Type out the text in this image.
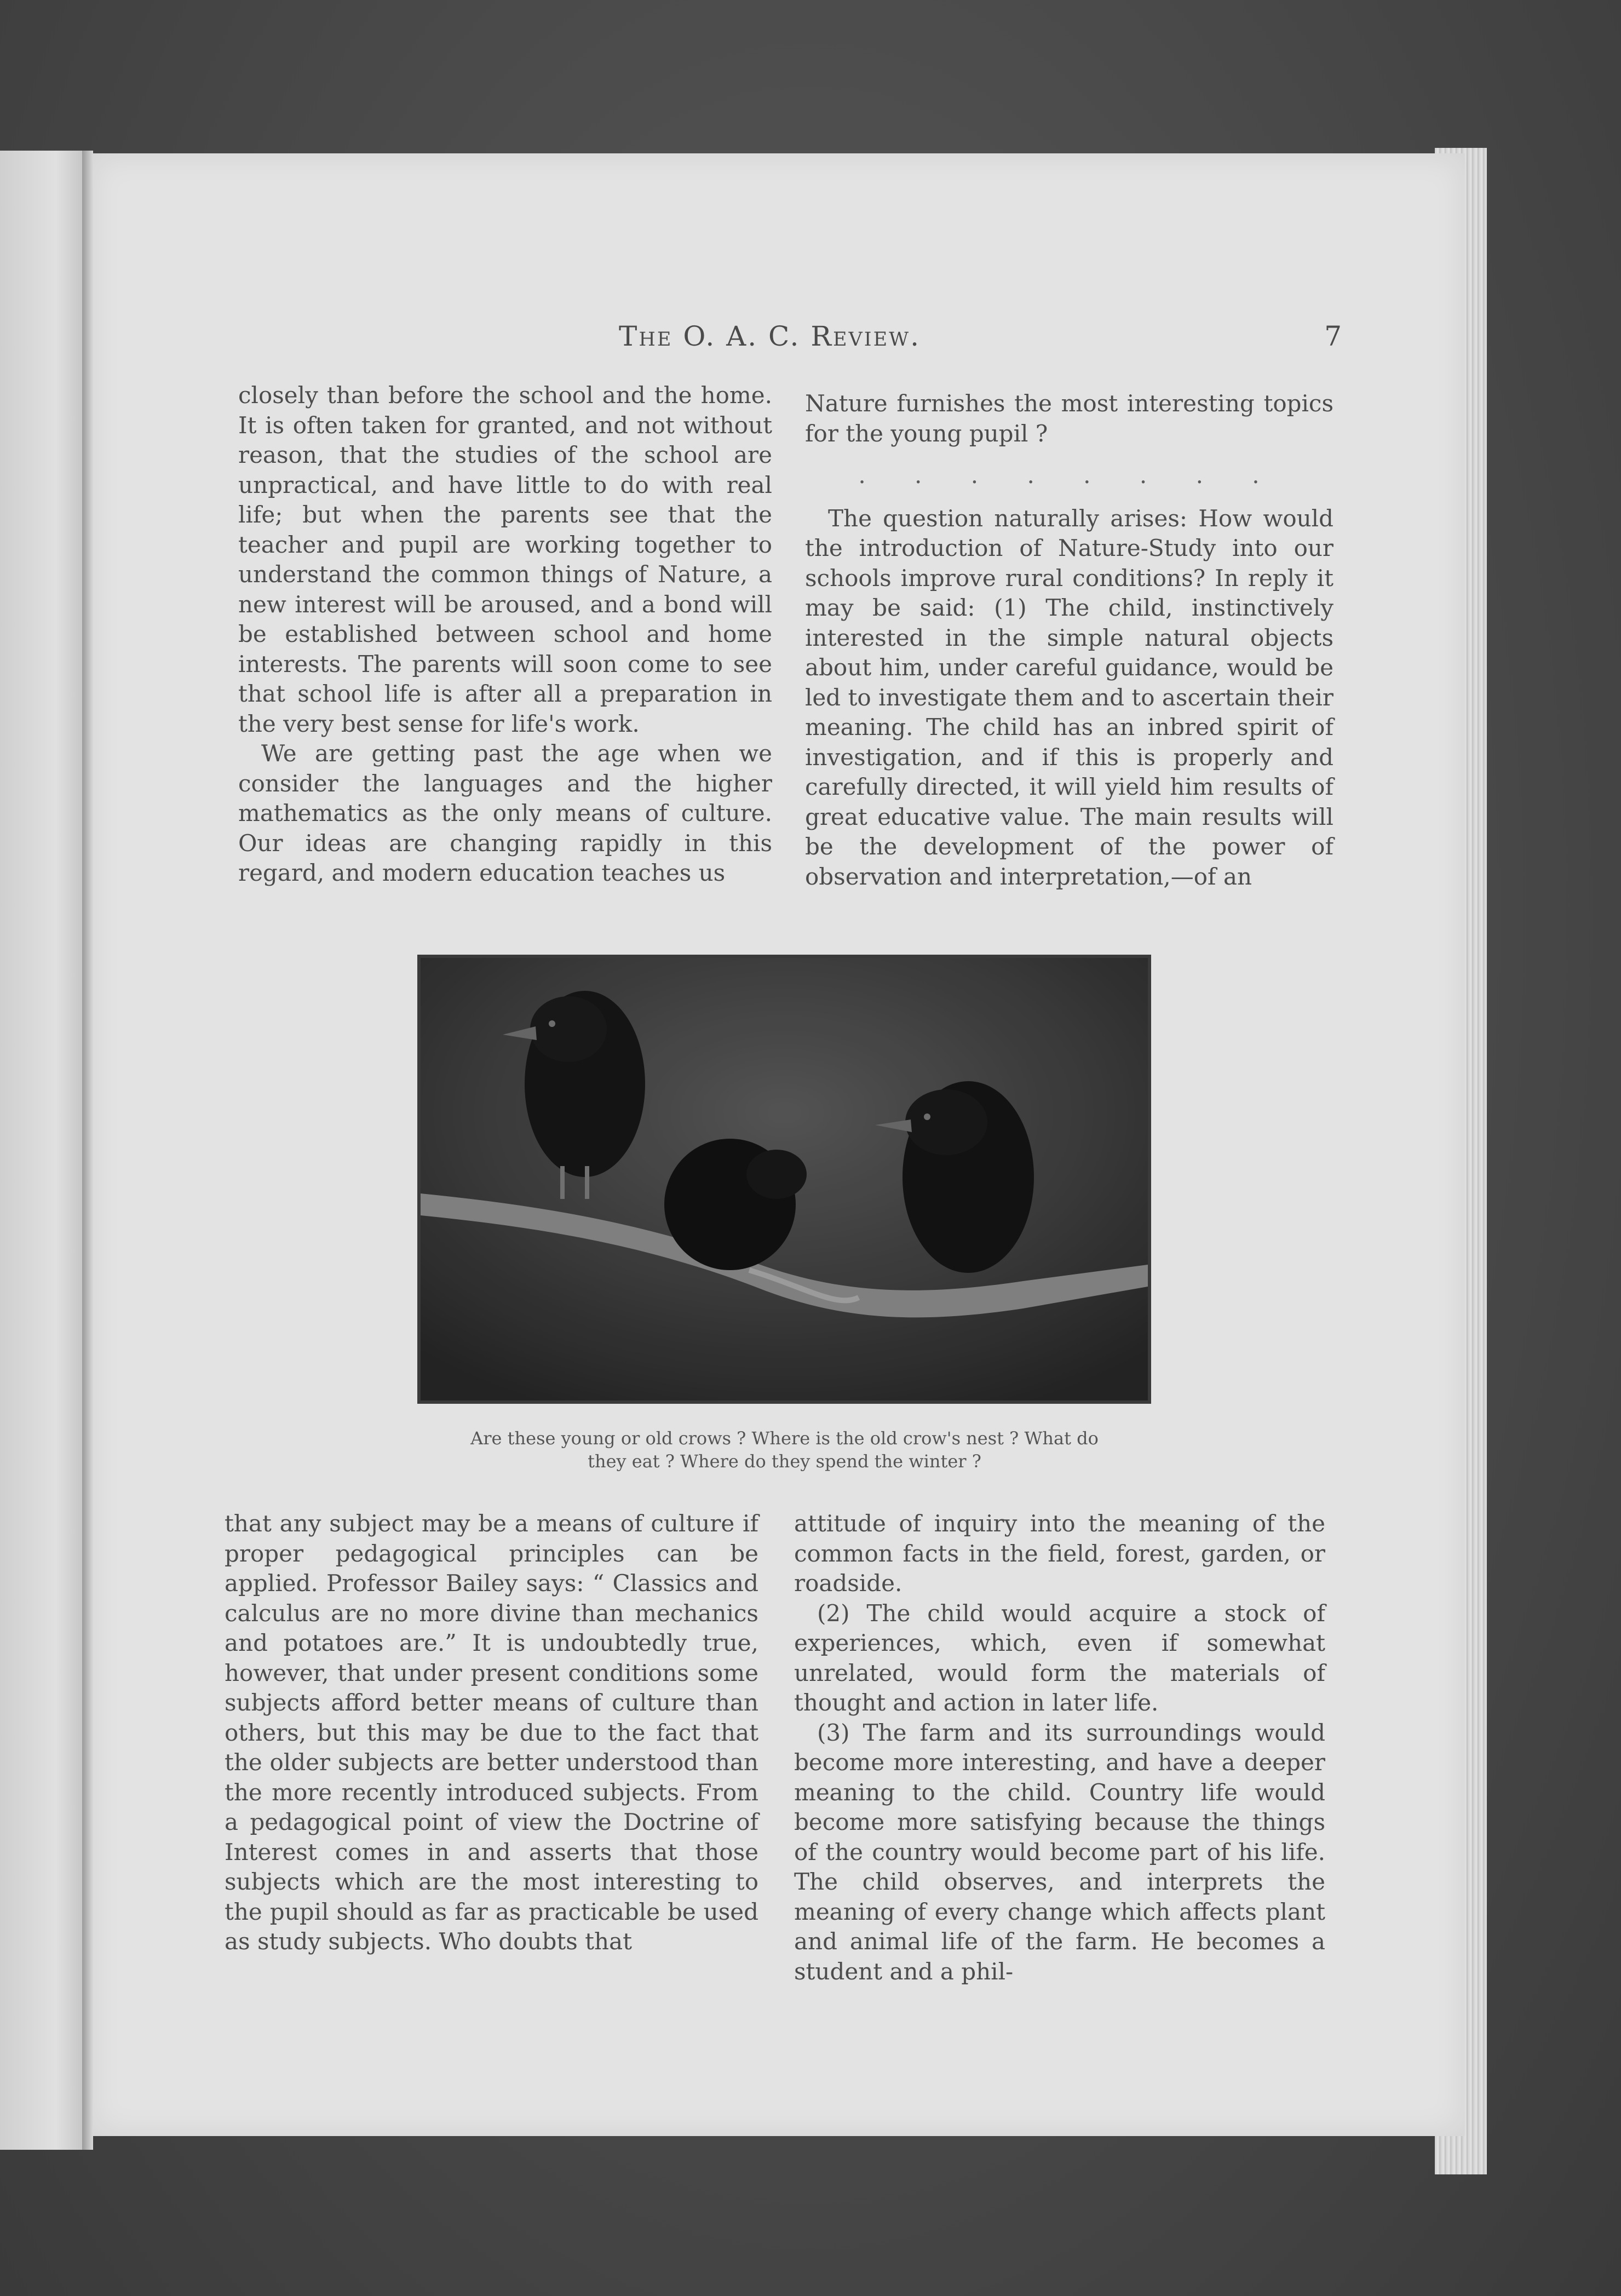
The O. A. C. Review.	7

closely than before the school and the home. It is oftеn taken for granted, and not without reason, that the studies of the school are unpractical, and have little to do with real life; but when the parents see that the teacher and pupil are working together to understand the common things of Nature, a new interest will be aroused, and a bond will be established between school and home interests. The parents will soon come to see that school life is after all a preparation in the very best sense for life's work.

We are getting past the age when we consider the languages and the higher mathematics as the only means of culture. Our ideas are changing rapidly in this regard, and modern education teaches us

Nature furnishes the most interesting topics for the young pupil ?

. . . . . . . .

The question naturally arises: How would the introduction of Nature-Study into our schools improve rural conditions? In reply it may be said: (1) The child, instinctively interested in the simple natural objects about him, under careful guidance, would be led to investigate them and to ascertain their meaning. The child has an inbred spirit of investigation, and if this is properly and carefully directed, it will yield him results of great educative value. The main results will be the development of the power of observation and interpretation,—of an

Are these young or old crows ? Where is the old crow's nest ? What do
they eat ? Where do they spend the winter ?

that any subject may be a means of culture if proper pedagogical principles can be applied. Professor Bailey says: “ Classics and calculus are no more divine than mechanics and potatoes are.” It is undoubtedly true, however, that under present conditions some subjects afford better means of culture than others, but this may be due to the fact that the older subjects are better understood than the more recently introduced subjects. From a pedagogical point of view the Doctrine of Interest comes in and asserts that those subjects which are the most interesting to the pupil should as far as practicable be used as study subjects. Who doubts that

attitude of inquiry into the meaning of the common facts in the field, forest, garden, or roadside.

(2) The child would acquire a stock of experiences, which, even if somewhat unrelated, would form the materials of thought and action in later life.

(3) The farm and its surroundings would become more interesting, and have a deeper meaning to the child. Country life would become more satisfying because the things of the country would become part of his life. The child observes, and interprets the meaning of every change which affects plant and animal life of the farm. He becomes a student and a phil-
